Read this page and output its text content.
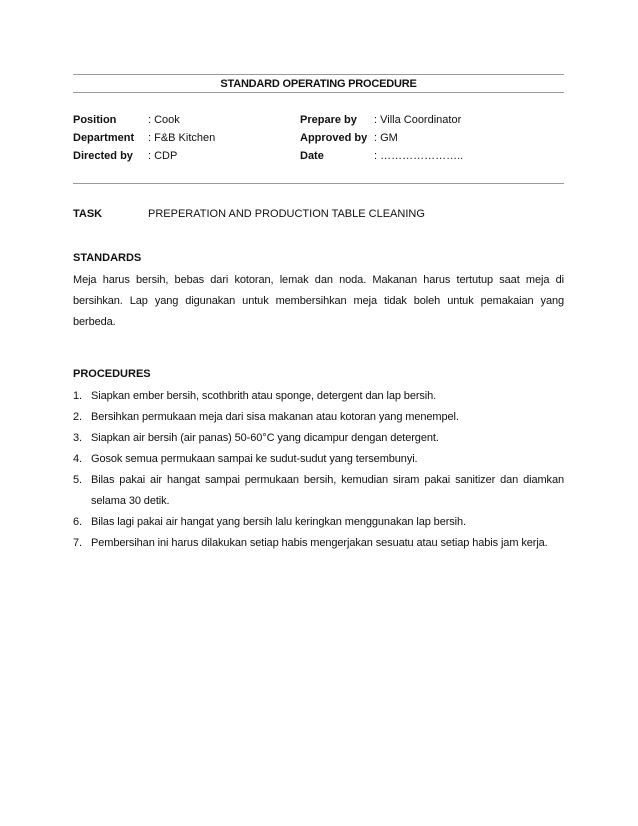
STANDARD OPERATING PROCEDURE
Position	: Cook	Prepare by : Villa Coordinator
Department : F&B Kitchen	Approved by : GM
Directed by : CDP	Date	: …………………..
TASK	PREPERATION AND PRODUCTION TABLE CLEANING
STANDARDS

Meja harus bersih, bebas dari kotoran, lemak dan noda. Makanan harus tertutup saat meja di bersihkan. Lap yang digunakan untuk membersihkan meja tidak boleh untuk pemakaian yang berbeda.

PROCEDURES
1. Siapkan ember bersih, scothbrith atau sponge, detergent dan lap bersih.
2. Bersihkan permukaan meja dari sisa makanan atau kotoran yang menempel.
3. Siapkan air bersih (air panas) 50-60°C yang dicampur dengan detergent.
4. Gosok semua permukaan sampai ke sudut-sudut yang tersembunyi.
5. Bilas pakai air hangat sampai permukaan bersih, kemudian siram pakai sanitizer dan diamkan selama 30 detik.
6. Bilas lagi pakai air hangat yang bersih lalu keringkan menggunakan lap bersih.
7. Pembersihan ini harus dilakukan setiap habis mengerjakan sesuatu atau setiap habis jam kerja.
